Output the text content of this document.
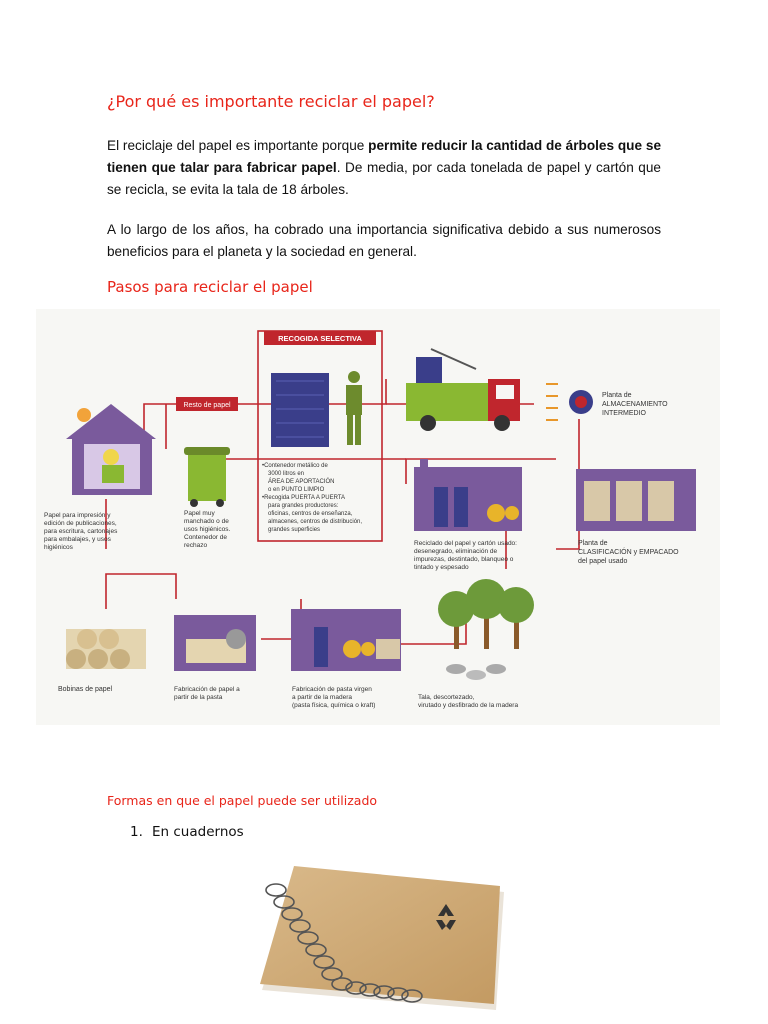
¿Por qué es importante reciclar el papel?

El reciclaje del papel es importante porque permite reducir la cantidad de árboles que se tienen que talar para fabricar papel. De media, por cada tonelada de papel y cartón que se recicla, se evita la tala de 18 árboles.

A lo largo de los años, ha cobrado una importancia significativa debido a sus numerosos beneficios para el planeta y la sociedad en general.

Pasos para reciclar el papel
Papel para impresión y
edición de publicaciones,
para escritura, cartonajes
para embalajes, y usos
higiénicos
Resto de papel
Papel muy
manchado o de
usos higiénicos.
Contenedor de
rechazo
RECOGIDA SELECTIVA
•Contenedor metálico de
3000 litros en
ÁREA DE APORTACIÓN
o en PUNTO LIMPIO
•Recogida PUERTA A PUERTA
para grandes productores:
oficinas, centros de enseñanza,
almacenes, centros de distribución,
grandes superficies
Planta de
ALMACENAMIENTO
INTERMEDIO
Reciclado del papel y cartón usado:
desenegrado, eliminación de
impurezas, destintado, blanqueo o
tintado y espesado
Planta de
CLASIFICACIÓN y EMPACADO
del papel usado
Bobinas de papel	Fabricación de papel a
partir de la pasta
Fabricación de pasta virgen
a partir de la madera
(pasta física, química o kraft)
Tala, descortezado,
virutado y desfibrado de la madera
Formas en que el papel puede ser utilizado
1. En cuadernos
